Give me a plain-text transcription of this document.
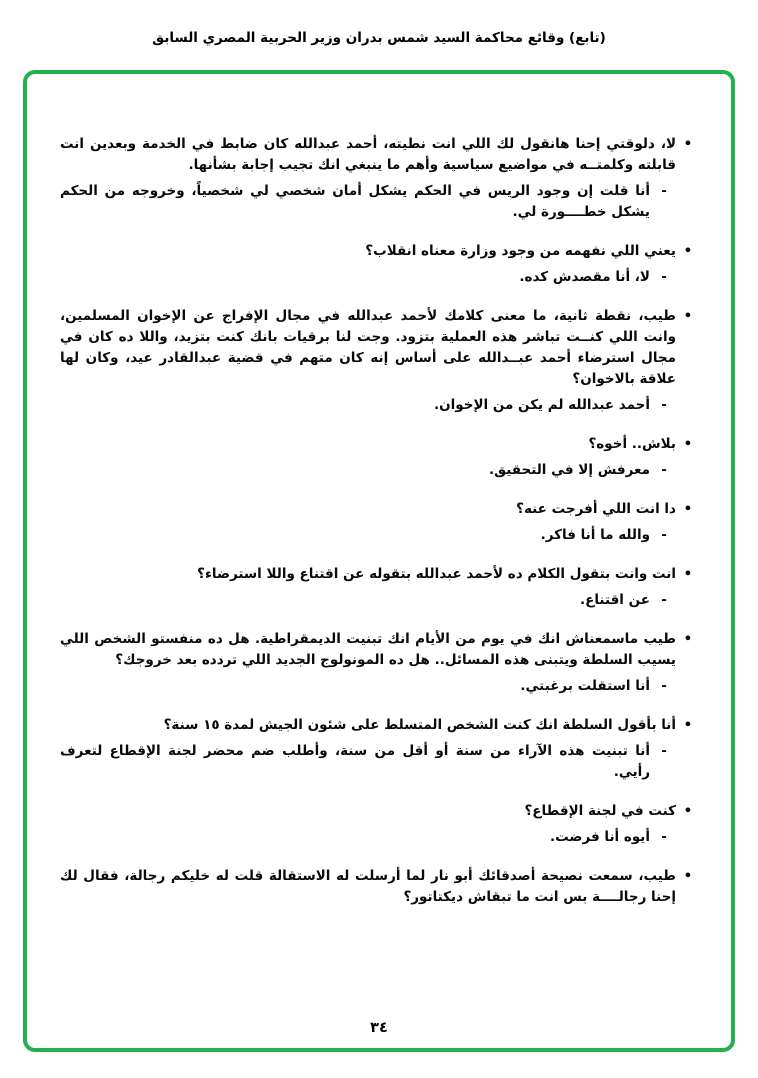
(تابع) وقائع محاكمة السيد شمس بدران وزير الحربية المصري السابق
•
لا، دلوقتي إحنا هانقول لك اللي انت نطيته، أحمد عبدالله كان ضابط في الخدمة وبعدين انت قابلته وكلمتــه في مواضيع سياسية وأهم ما ينبغي انك تجيب إجابة بشأنها.
-
أنا قلت إن وجود الريس في الحكم يشكل أمان شخصي لي شخصياً، وخروجه من الحكم يشكل خطــــورة لي.
•
يعني اللي نفهمه من وجود وزارة معناه انقلاب؟
-
لا، أنا مقصدش كده.
•
طيب، نقطة ثانية، ما معنى كلامك لأحمد عبدالله في مجال الإفراج عن الإخوان المسلمين، وانت اللي كنــت تباشر هذه العملية بتزود. وجت لنا برقيات بانك كنت بتزيد، واللا ده كان في مجال استرضاء أحمد عبــدالله على أساس إنه كان متهم في قضية عبدالقادر عيد، وكان لها علاقة بالاخوان؟
-
أحمد عبدالله لم يكن من الإخوان.
•
بلاش.. أخوه؟
-
معرفش إلا في التحقيق.
•
دا انت اللي أفرجت عنه؟
-
والله ما أنا فاكر.
•
انت وانت بتقول الكلام ده لأحمد عبدالله بتقوله عن اقتناع واللا استرضاء؟
-
عن اقتناع.
•
طيب ماسمعناش انك في يوم من الأيام انك تبنيت الديمقراطية. هل ده منفستو الشخص اللي يسيب السلطة ويتبنى هذه المسائل.. هل ده المونولوج الجديد اللي تردده بعد خروجك؟
-
أنا استقلت برغبتي.
•
أنا بأقول السلطة انك كنت الشخص المتسلط على شئون الجيش لمدة ١٥ سنة؟
-
أنا تبنيت هذه الآراء من سنة أو أقل من سنة، وأطلب ضم محضر لجنة الإقطاع لتعرف رأيي.
•
كنت في لجنة الإقطاع؟
-
أيوه أنا فرضت.
•
طيب، سمعت نصيحة أصدقائك أبو نار لما أرسلت له الاستقالة قلت له خليكم رجالة، فقال لك إحنا رجالــــة بس انت ما تبقاش ديكتاتور؟
٣٤
